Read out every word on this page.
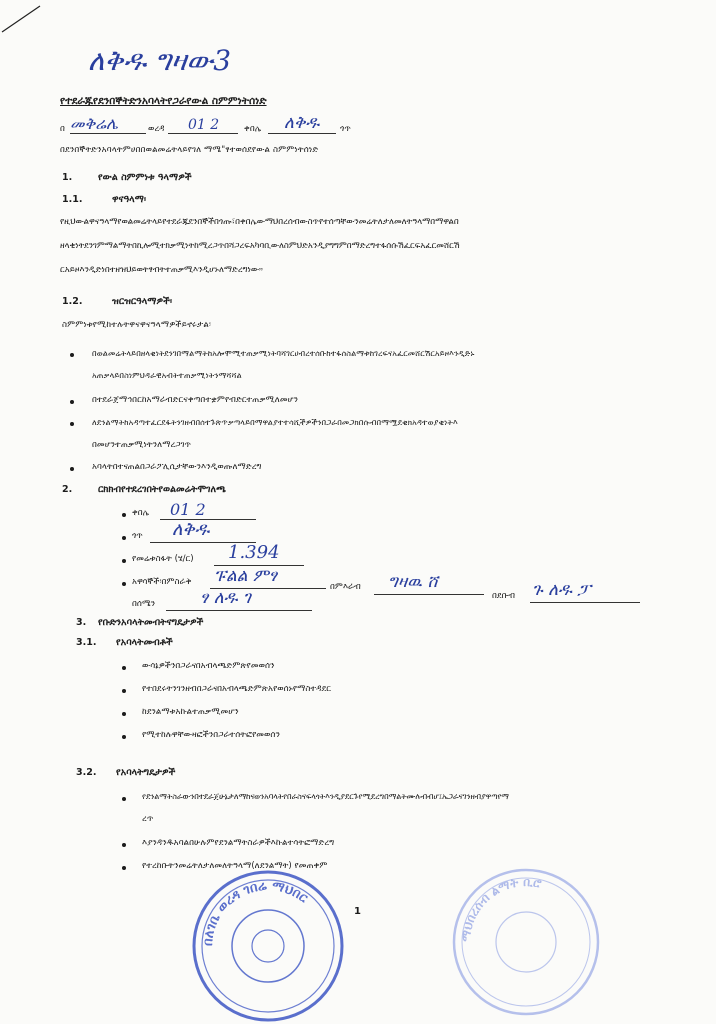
ለቅዱ ግዛው3
የተደራጁየደንበኞትድንአባላትየጋራየውል ስምምነትሰነድ
በ መቅሬሌ	ወረዳ 01 2	ቀበሌ ለቅዱ ጎጥ
በደንበኞትድንአባላትምሀበበወልመሬትላይየገለ ማሜ"ፃተወሰደየውል ስምምነትሰነድ
1.	የውል ስምምነቱ ዓላማዎች
1.1.	ዋናዓላማ፡
የዚህውልዋናዓላማየወልመሬትላይየተደራጁደንበኞችበጎጡ፣በቀበሌውማህበረሰብውስጥየተሰጣቸውንመሬትለታለመለትዓላማበማዋልበ
ዘላቂነትደንገምማልማትበኪሎሚተክቃሚነትከሚረጋጥበሻጋረፍአካባቢውለስምህድአንዲያግግምበማድረግተፋሰሱሽፈርፍአፈርመሸርሽ
ርአይዞእንዲድነበተዘዝህይወትፃብትተጠቃሚእንዲሆኑለማድረግነው።
1.2.	ዝርዝርዓላማዎች፡
ስምምነቱየሚከተሉትዋናዋናዓላማዎችይኖሩታል፡
በወልመሬትላይበዘላቂነትደንገበማልማትከአሎሞሚተጠቃሚነትባሻገርሀብረተሰቡከተፋሰስልማቱከገረፍናአፈርመሸርሽርአይዞእንዲድኑ
አጠቃላይበስነምህዳራዊአብትተጠቃሚነትንማሻሻል
በተደራጀማኅበርከአማራብድርናቀጣበተቋምየብድርተጠቃሚለመሆን
ለደንልማትከአዳጣተፈርደፋትንገዘብበሰተጉጽጥቃጣላይበማዋልያተተሳሺችዎችንበጋራበመጋክበሱብበማሟደቂክአዳተወያቂነትእ
በመሆንተጠቃሚነትንለማረጋገጥ
አባላትበተናጠልበጋራፖሊሲታቸውንእንዲወጡለማድረግ
2.	ርክክብየተደረገበትየወልመሬትሞገለጫ
ቀበሌ 01 2
ጎጥ ለቅዱ
የመሬቱስፋት (ሄ/ር) 1.394
አዋሳኞች፡በምስራቅ ፑልል ምፃ
በምእራብ ግዛዉ ሸ
በደቡብ ጉ ለዱ ፓ
በሰሜን	ፃ ለዱ ገ
3. የቡድንአባላትመብትናግዴታዎች
3.1. የአባላትመብቶች
ውሳኔዎችንበጋራናበአብላጫድምጽየመወሰን
የተበደሩትንገንዘብበጋራናበአብላጫድምጽአየወሰኑየማስተዳደር
ከደንልማቱአኩልተጠቃሚመሆን
የሚተከሉዋቸውዛፎችንበጋራተሰትፎየመወሰን
3.2. የአባላትግዴታዎች
የደንልማትስራውንበተደራጀሁኔታለማከናወንአባላትየበራስናፍላጎትእንዲያደርጉየሚደረግበማልትሙሉብብሆ፤ኤጋራናገንዘብያዋጣየማ
ረጥ
እያንዳንዱአባልበሁሉምየደንልማትስራዎችእኩልተሳትፎማድረግ
የተረከቡትንመሬትለታለመለትዓላማ(ለደንልማት) የመጠቀም
1
በለገቤ ወረዳ ገበሬ ማህበር
ማህበረሰብ ልማት ቢሮ
